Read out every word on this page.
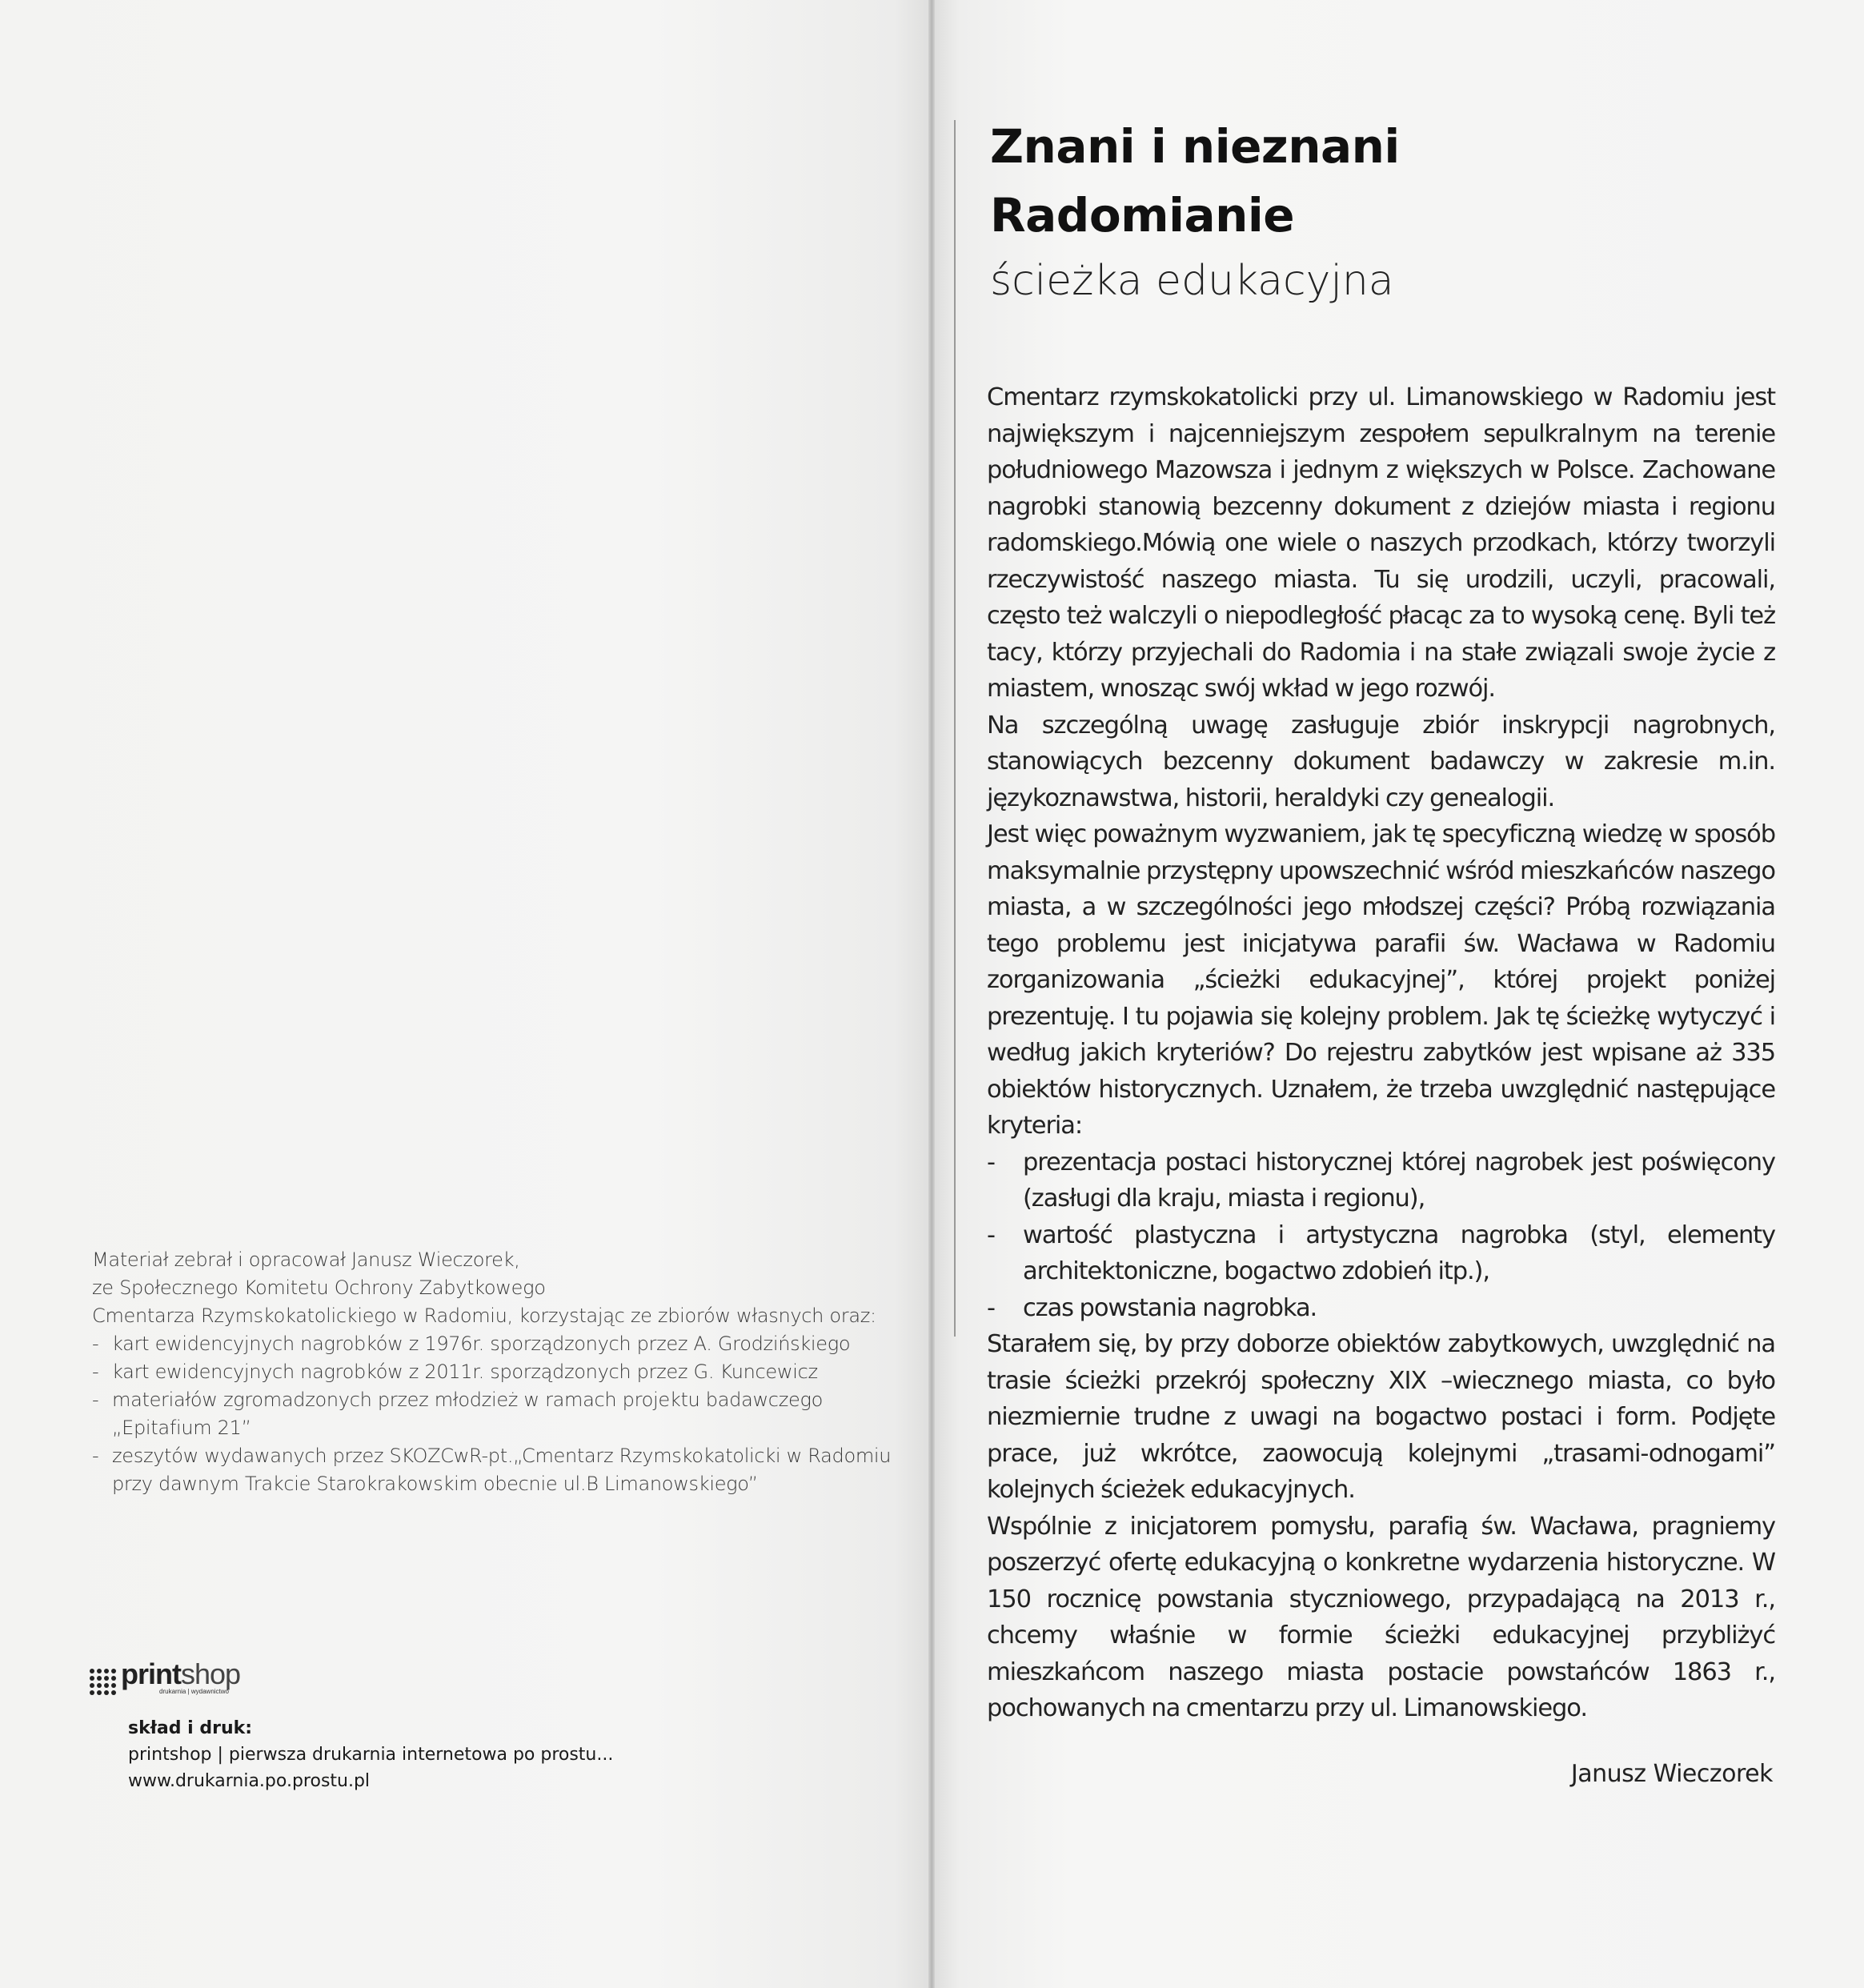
Materiał zebrał i opracował Janusz Wieczorek,

ze Społecznego Komitetu Ochrony Zabytkowego

Cmentarza Rzymskokatolickiego w Radomiu, korzystając ze zbiorów własnych oraz:

- kart ewidencyjnych nagrobków z 1976r. sporządzonych przez A. Grodzińskiego
- kart ewidencyjnych nagrobków z 2011r. sporządzonych przez G. Kuncewicz
- materiałów zgromadzonych przez młodzież w ramach projektu badawczego
„Epitafium 21”
- zeszytów wydawanych przez SKOZCwR-pt.„Cmentarz Rzymskokatolicki w Radomiu
przy dawnym Trakcie Starokrakowskim obecnie ul.B Limanowskiego”
printshop
drukarnia | wydawnictwo
skład i druk:
printshop | pierwsza drukarnia internetowa po prostu...
www.drukarnia.po.prostu.pl
Znani i nieznani
Radomianie
ścieżka edukacyjna

Cmentarz rzymskokatolicki przy ul. Limanowskiego w Radomiu jest największym i najcenniejszym zespołem sepulkralnym na terenie południowego Mazowsza i jednym z większych w Polsce. Zachowane nagrobki stanowią bezcenny dokument z dziejów miasta i regionu radomskiego.Mówią one wiele o naszych przodkach, którzy tworzyli rzeczywistość naszego miasta. Tu się urodzili, uczyli, pracowali, często też walczyli o niepodległość płacąc za to wysoką cenę. Byli też tacy, którzy przyjechali do Radomia i na stałe związali swoje życie z miastem, wnosząc swój wkład w jego rozwój.

Na szczególną uwagę zasługuje zbiór inskrypcji nagrobnych, stanowiących bezcenny dokument badawczy w zakresie m.in. językoznawstwa, historii, heraldyki czy genealogii.

Jest więc poważnym wyzwaniem, jak tę specyficzną wiedzę w sposób maksymalnie przystępny upowszechnić wśród mieszkańców naszego miasta, a w szczególności jego młodszej części? Próbą rozwiązania tego problemu jest inicjatywa parafii św. Wacława w Radomiu zorganizowania „ścieżki edukacyjnej”, której projekt poniżej prezentuję. I tu pojawia się kolejny problem. Jak tę ścieżkę wytyczyć i według jakich kryteriów? Do rejestru zabytków jest wpisane aż 335 obiektów historycznych. Uznałem, że trzeba uwzględnić następujące kryteria:

- prezentacja postaci historycznej której nagrobek jest poświęcony (zasługi dla kraju, miasta i regionu),
- wartość plastyczna i artystyczna nagrobka (styl, elementy architektoniczne, bogactwo zdobień itp.),
- czas powstania nagrobka.

Starałem się, by przy doborze obiektów zabytkowych, uwzględnić na trasie ścieżki przekrój społeczny XIX –wiecznego miasta, co było niezmiernie trudne z uwagi na bogactwo postaci i form. Podjęte prace, już wkrótce, zaowocują kolejnymi „trasami-odnogami” kolejnych ścieżek edukacyjnych.

Wspólnie z inicjatorem pomysłu, parafią św. Wacława, pragniemy poszerzyć ofertę edukacyjną o konkretne wydarzenia historyczne. W 150 rocznicę powstania styczniowego, przypadającą na 2013 r., chcemy właśnie w formie ścieżki edukacyjnej przybliżyć mieszkańcom naszego miasta postacie powstańców 1863 r., pochowanych na cmentarzu przy ul. Limanowskiego.

Janusz Wieczorek
